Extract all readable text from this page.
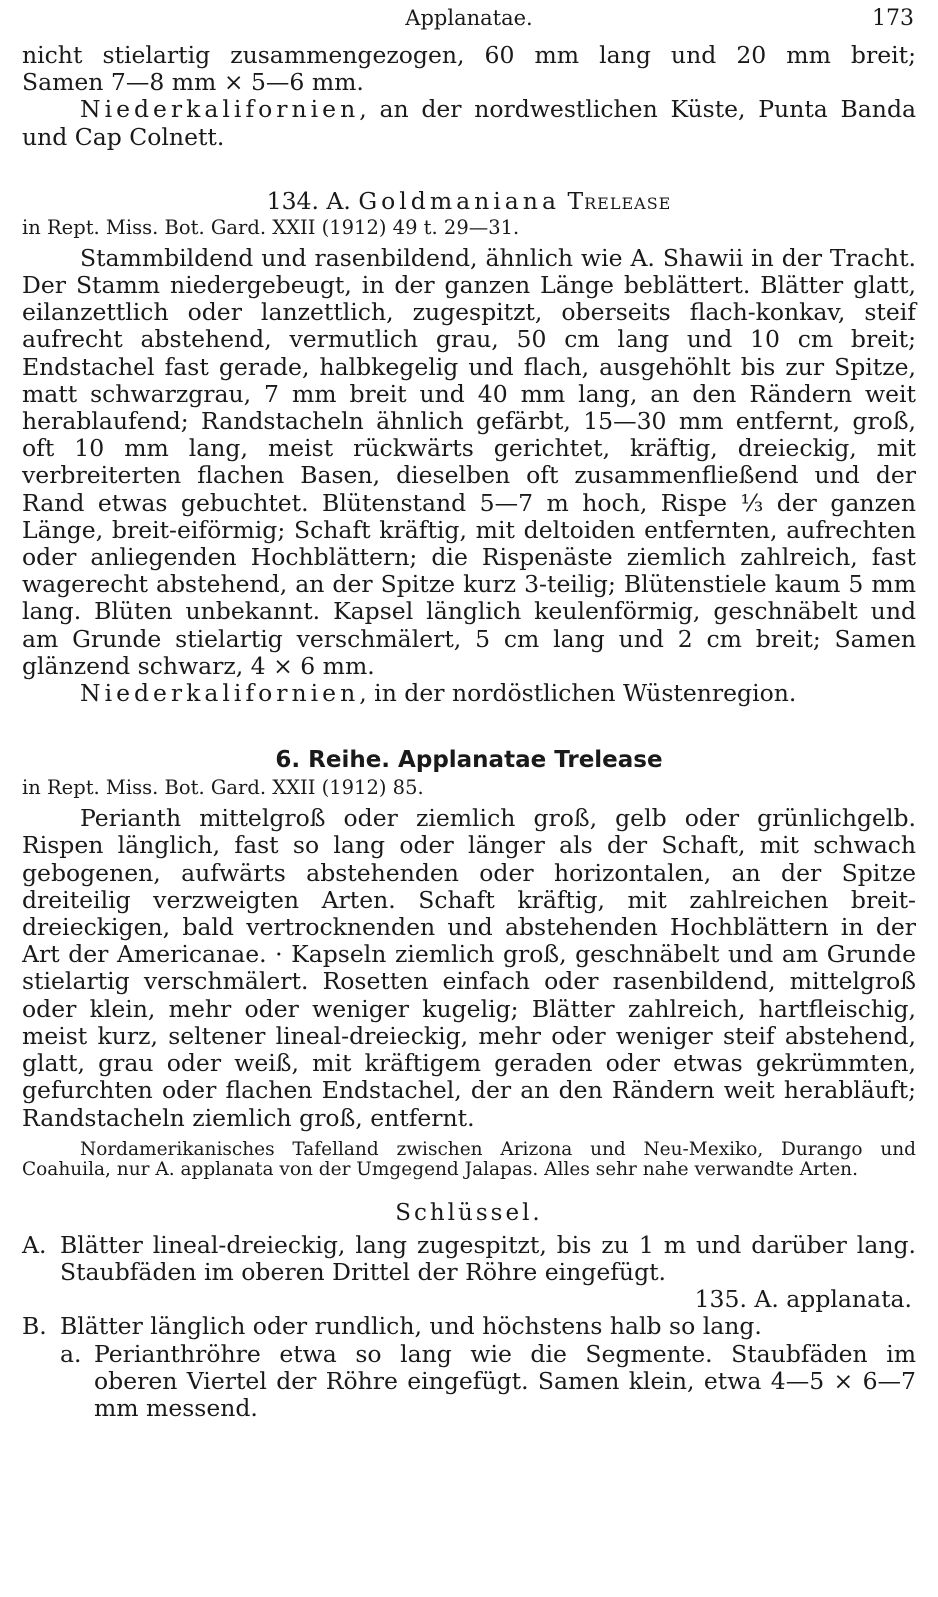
Applanatae.	173

nicht stielartig zusammengezogen, 60 mm lang und 20 mm breit;

Samen 7—8 mm × 5—6 mm.

Niederkalifornien, an der nordwestlichen Küste, Punta Banda und Cap Colnett.

134. A. Goldmaniana Trelease

in Rept. Miss. Bot. Gard. XXII (1912) 49 t. 29—31.

Stammbildend und rasenbildend, ähnlich wie A. Shawii in der Tracht. Der Stamm niedergebeugt, in der ganzen Länge beblättert. Blätter glatt, eilanzettlich oder lanzettlich, zugespitzt, oberseits flach-konkav, steif aufrecht abstehend, vermutlich grau, 50 cm lang und 10 cm breit; Endstachel fast gerade, halbkegelig und flach, ausgehöhlt bis zur Spitze, matt schwarzgrau, 7 mm breit und 40 mm lang, an den Rändern weit herablaufend; Randstacheln ähnlich gefärbt, 15—30 mm entfernt, groß, oft 10 mm lang, meist rückwärts gerichtet, kräftig, dreieckig, mit verbreiterten flachen Basen, dieselben oft zusammenfließend und der Rand etwas gebuchtet. Blütenstand 5—7 m hoch, Rispe ⅓ der ganzen Länge, breit-eiförmig; Schaft kräftig, mit deltoiden entfernten, aufrechten oder anliegenden Hochblättern; die Rispenäste ziemlich zahlreich, fast wagerecht abstehend, an der Spitze kurz 3-teilig; Blütenstiele kaum 5 mm lang. Blüten unbekannt. Kapsel länglich keulenförmig, geschnäbelt und am Grunde stielartig verschmälert, 5 cm lang und 2 cm breit; Samen glänzend schwarz, 4 × 6 mm.

Niederkalifornien, in der nordöstlichen Wüstenregion.

6. Reihe. Applanatae Trelease

in Rept. Miss. Bot. Gard. XXII (1912) 85.

Perianth mittelgroß oder ziemlich groß, gelb oder grünlichgelb. Rispen länglich, fast so lang oder länger als der Schaft, mit schwach gebogenen, aufwärts abstehenden oder horizontalen, an der Spitze dreiteilig verzweigten Arten. Schaft kräftig, mit zahlreichen breit-dreieckigen, bald vertrocknenden und abstehenden Hochblättern in der Art der Americanae. · Kapseln ziemlich groß, geschnäbelt und am Grunde stielartig verschmälert. Rosetten einfach oder rasenbildend, mittelgroß oder klein, mehr oder weniger kugelig; Blätter zahlreich, hartfleischig, meist kurz, seltener lineal-dreieckig, mehr oder weniger steif abstehend, glatt, grau oder weiß, mit kräftigem geraden oder etwas gekrümmten, gefurchten oder flachen Endstachel, der an den Rändern weit herabläuft; Randstacheln ziemlich groß, entfernt.

Nordamerikanisches Tafelland zwischen Arizona und Neu-Mexiko, Durango und Coahuila, nur A. applanata von der Umgegend Jalapas. Alles sehr nahe verwandte Arten.

Schlüssel.

A. Blätter lineal-dreieckig, lang zugespitzt, bis zu 1 m und darüber lang. Staubfäden im oberen Drittel der Röhre eingefügt.

135. A. applanata.

B. Blätter länglich oder rundlich, und höchstens halb so lang.
a. Perianthröhre etwa so lang wie die Segmente. Staubfäden im oberen Viertel der Röhre eingefügt. Samen klein, etwa 4—5 × 6—7 mm messend.
